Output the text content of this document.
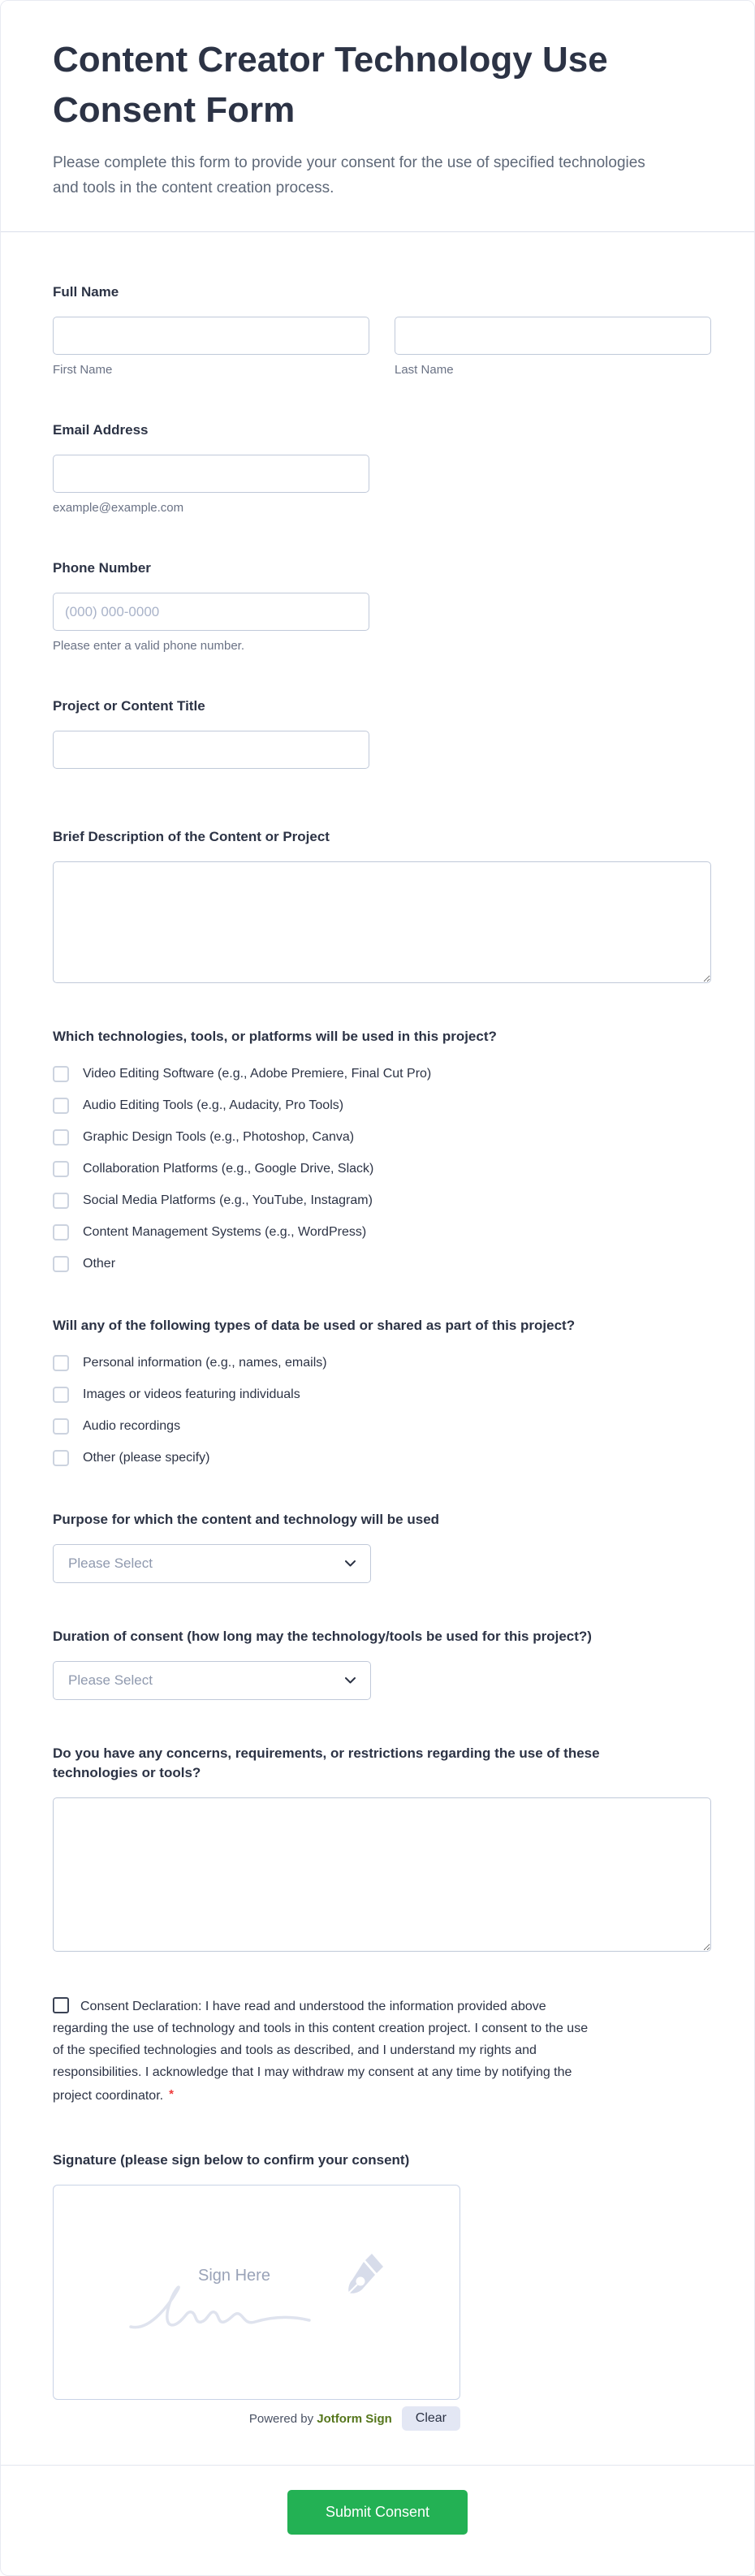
Content Creator Technology Use Consent Form
Please complete this form to provide your consent for the use of specified technologies and tools in the content creation process.
Full Name
First Name	Last Name
Email Address
example@example.com
Phone Number
(000) 000-0000
Please enter a valid phone number.
Project or Content Title
Brief Description of the Content or Project
Which technologies, tools, or platforms will be used in this project?
Video Editing Software (e.g., Adobe Premiere, Final Cut Pro)
Audio Editing Tools (e.g., Audacity, Pro Tools)
Graphic Design Tools (e.g., Photoshop, Canva)
Collaboration Platforms (e.g., Google Drive, Slack)
Social Media Platforms (e.g., YouTube, Instagram)
Content Management Systems (e.g., WordPress)
Other
Will any of the following types of data be used or shared as part of this project?
Personal information (e.g., names, emails)
Images or videos featuring individuals
Audio recordings
Other (please specify)
Purpose for which the content and technology will be used
Please Select
Duration of consent (how long may the technology/tools be used for this project?)
Please Select
Do you have any concerns, requirements, or restrictions regarding the use of these technologies or tools?
Consent Declaration: I have read and understood the information provided above regarding the use of technology and tools in this content creation project. I consent to the use of the specified technologies and tools as described, and I understand my rights and responsibilities. I acknowledge that I may withdraw my consent at any time by notifying the project coordinator. *
Signature (please sign below to confirm your consent)
Sign Here
Powered by Jotform Sign	Clear
Submit Consent
